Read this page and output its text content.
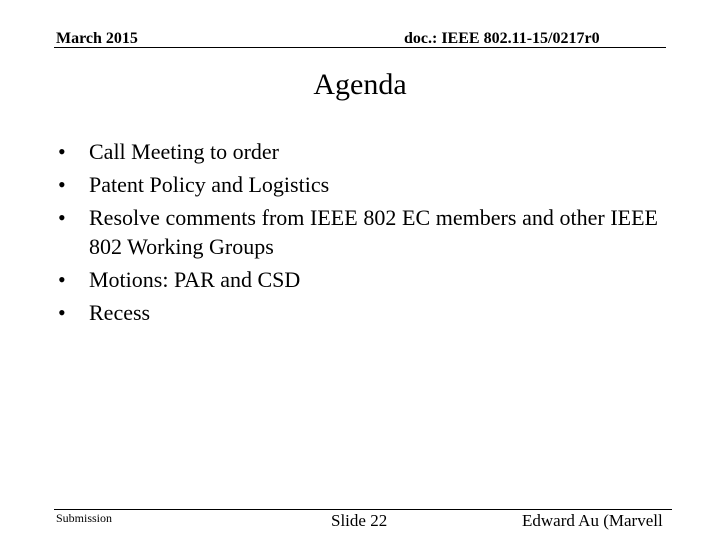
March 2015	doc.: IEEE 802.11-15/0217r0
Agenda
• Call Meeting to order
• Patent Policy and Logistics
• Resolve comments from IEEE 802 EC members and other IEEE 802 Working Groups
• Motions: PAR and CSD
• Recess
Submission	Slide 22	Edward Au (Marvell
